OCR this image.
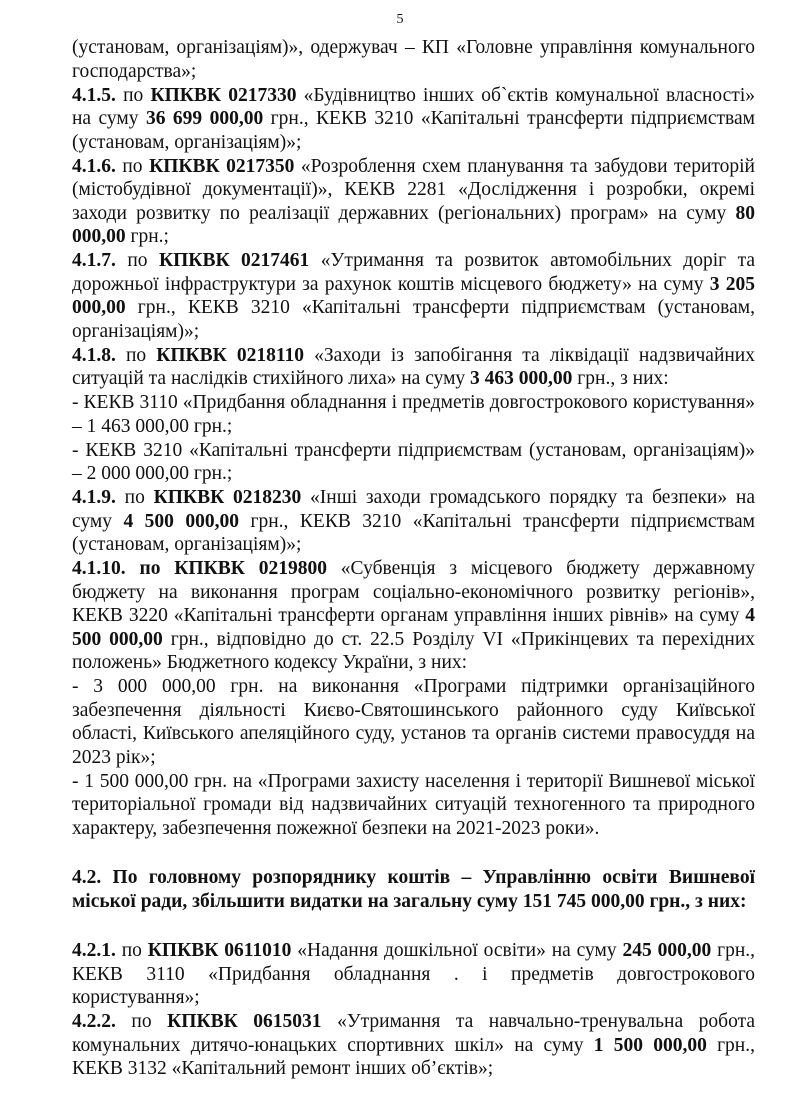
5

(установам, організаціям)», одержувач – КП «Головне управління комунального господарства»;

4.1.5. по КПКВК 0217330 «Будівництво інших об`єктів комунальної власності» на суму 36 699 000,00 грн., КЕКВ 3210 «Капітальні трансферти підприємствам (установам, організаціям)»;

4.1.6. по КПКВК 0217350 «Розроблення схем планування та забудови територій (містобудівної документації)», КЕКВ 2281 «Дослідження і розробки, окремі заходи розвитку по реалізації державних (регіональних) програм» на суму 80 000,00 грн.;

4.1.7. по КПКВК 0217461 «Утримання та розвиток автомобільних доріг та дорожньої інфраструктури за рахунок коштів місцевого бюджету» на суму 3 205 000,00 грн., КЕКВ 3210 «Капітальні трансферти підприємствам (установам, організаціям)»;

4.1.8. по КПКВК 0218110 «Заходи із запобігання та ліквідації надзвичайних ситуацій та наслідків стихійного лиха» на суму 3 463 000,00 грн., з них:

- КЕКВ 3110 «Придбання обладнання і предметів довгострокового користування» – 1 463 000,00 грн.;

- КЕКВ 3210 «Капітальні трансферти підприємствам (установам, організаціям)» – 2 000 000,00 грн.;

4.1.9. по КПКВК 0218230 «Інші заходи громадського порядку та безпеки» на суму 4 500 000,00 грн., КЕКВ 3210 «Капітальні трансферти підприємствам (установам, організаціям)»;

4.1.10. по КПКВК 0219800 «Субвенція з місцевого бюджету державному бюджету на виконання програм соціально-економічного розвитку регіонів», КЕКВ 3220 «Капітальні трансферти органам управління інших рівнів» на суму 4 500 000,00 грн., відповідно до ст. 22.5 Розділу VI «Прикінцевих та перехідних положень» Бюджетного кодексу України, з них:

- 3 000 000,00 грн. на виконання «Програми підтримки організаційного забезпечення діяльності Києво-Святошинського районного суду Київської області, Київського апеляційного суду, установ та органів системи правосуддя на 2023 рік»;

- 1 500 000,00 грн. на «Програми захисту населення і території Вишневої міської територіальної громади від надзвичайних ситуацій техногенного та природного характеру, забезпечення пожежної безпеки на 2021-2023 роки».

4.2. По головному розпоряднику коштів – Управлінню освіти Вишневої міської ради, збільшити видатки на загальну суму 151 745 000,00 грн., з них:

4.2.1. по КПКВК 0611010 «Надання дошкільної освіти» на суму 245 000,00 грн., КЕКВ 3110 «Придбання обладнання . і предметів довгострокового користування»;

4.2.2. по КПКВК 0615031 «Утримання та навчально-тренувальна робота комунальних дитячо-юнацьких спортивних шкіл» на суму 1 500 000,00 грн., КЕКВ 3132 «Капітальний ремонт інших об’єктів»;
